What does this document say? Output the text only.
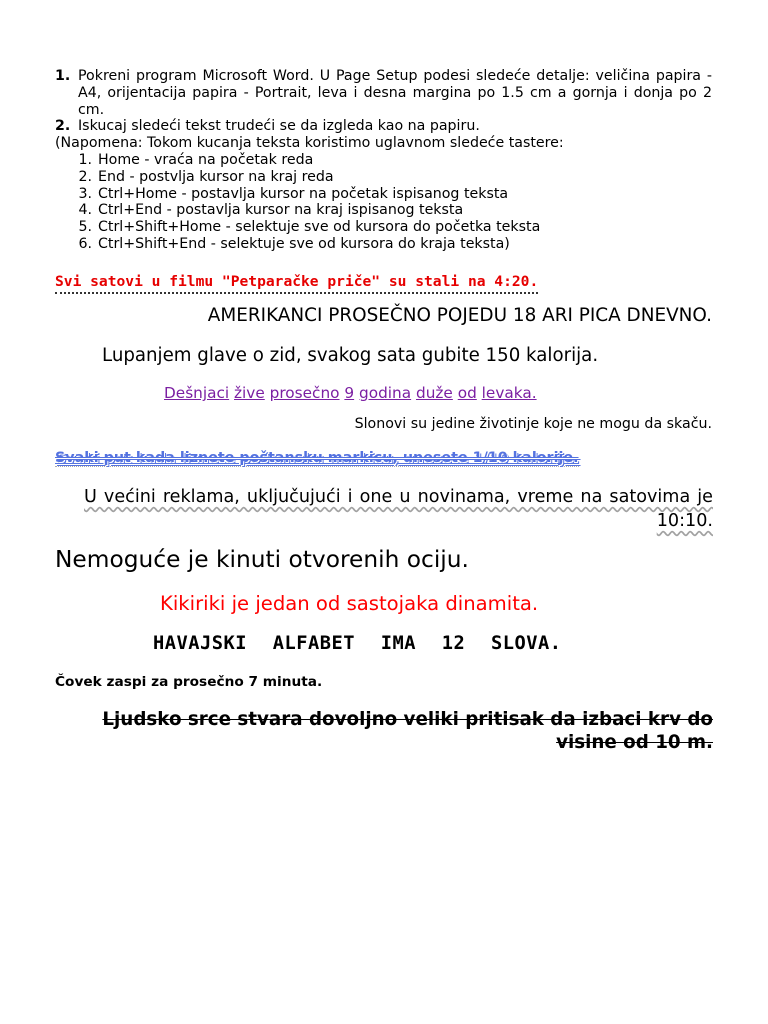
1. Pokreni program Microsoft Word. U Page Setup podesi sledeće detalje: veličina papira - A4, orijentacija papira - Portrait, leva i desna margina po 1.5 cm a gornja i donja po 2 cm.
2. Iskucaj sledeći tekst trudeći se da izgleda kao na papiru.

(Napomena: Tokom kucanja teksta koristimo uglavnom sledeće tastere:

1. Home - vraća na početak reda
2. End - postvlja kursor na kraj reda
3. Ctrl+Home - postavlja kursor na početak ispisanog teksta
4. Ctrl+End - postavlja kursor na kraj ispisanog teksta
5. Ctrl+Shift+Home - selektuje sve od kursora do početka teksta
6. Ctrl+Shift+End - selektuje sve od kursora do kraja teksta)
Svi satovi u filmu "Petparačke priče" su stali na 4:20.
AMERIKANCI PROSEČNO POJEDU 18 ARI PICA DNEVNO.
Lupanjem glave o zid, svakog sata gubite 150 kalorija.
Dešnjaci žive prosečno 9 godina duže od levaka.
Slonovi su jedine životinje koje ne mogu da skaču.
Svaki put kada liznete poštansku markicu, unesete 1/10 kalorije.
U većini reklama, uključujući i one u novinama, vreme na satovima je 10:10.
Nemoguće je kinuti otvorenih ociju.
Kikiriki je jedan od sastojaka dinamita.
HAVAJSKI ALFABET IMA 12 SLOVA.
Čovek zaspi za prosečno 7 minuta.
Ljudsko srce stvara dovoljno veliki pritisak da izbaci krv do visine od 10 m.
